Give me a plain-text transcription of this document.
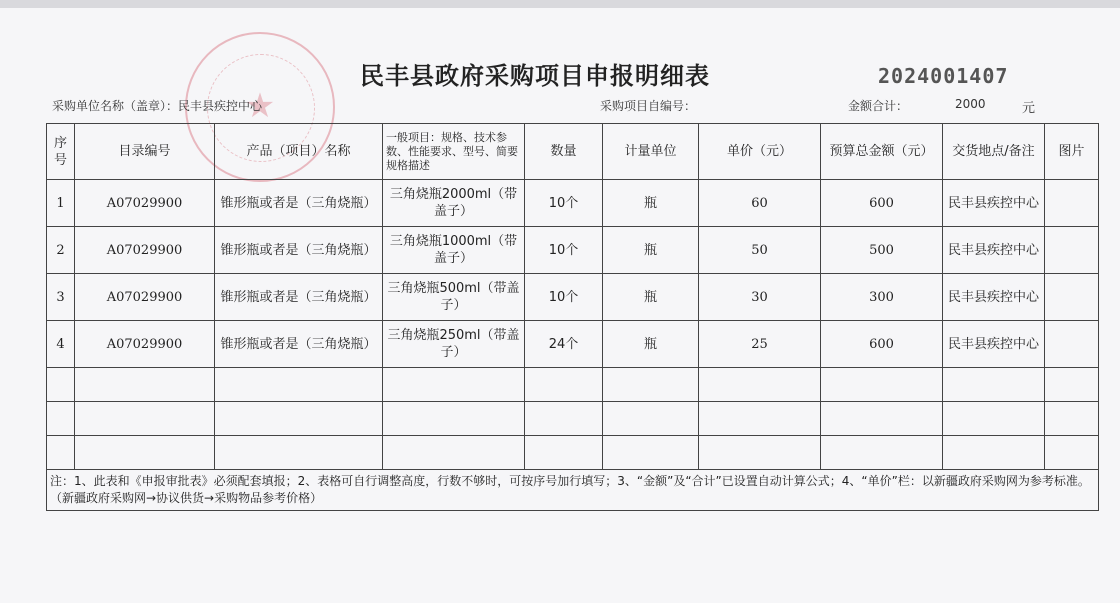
★
民丰县政府采购项目申报明细表	2024001407
采购单位名称（盖章）：民丰县疾控中心	采购项目自编号：	金额合计：	2000	元
序号	目录编号	产品（项目）名称	一般项目：规格、技术参数、性能要求、型号、简要规格描述	数量	计量单位	单价（元）	预算总金额（元）	交货地点/备注	图片
1	A07029900	锥形瓶或者是（三角烧瓶）	三角烧瓶2000ml（带盖子）	10个	瓶	60	600	民丰县疾控中心	
2	A07029900	锥形瓶或者是（三角烧瓶）	三角烧瓶1000ml（带盖子）	10个	瓶	50	500	民丰县疾控中心	
3	A07029900	锥形瓶或者是（三角烧瓶）	三角烧瓶500ml（带盖子）	10个	瓶	30	300	民丰县疾控中心	
4	A07029900	锥形瓶或者是（三角烧瓶）	三角烧瓶250ml（带盖子）	24个	瓶	25	600	民丰县疾控中心	

注：1、此表和《申报审批表》必须配套填报；2、表格可自行调整高度，行数不够时，可按序号加行填写；3、“金额”及“合计”已设置自动计算公式；4、“单价”栏：以新疆政府采购网为参考标准。（新疆政府采购网→协议供货→采购物品参考价格）									
